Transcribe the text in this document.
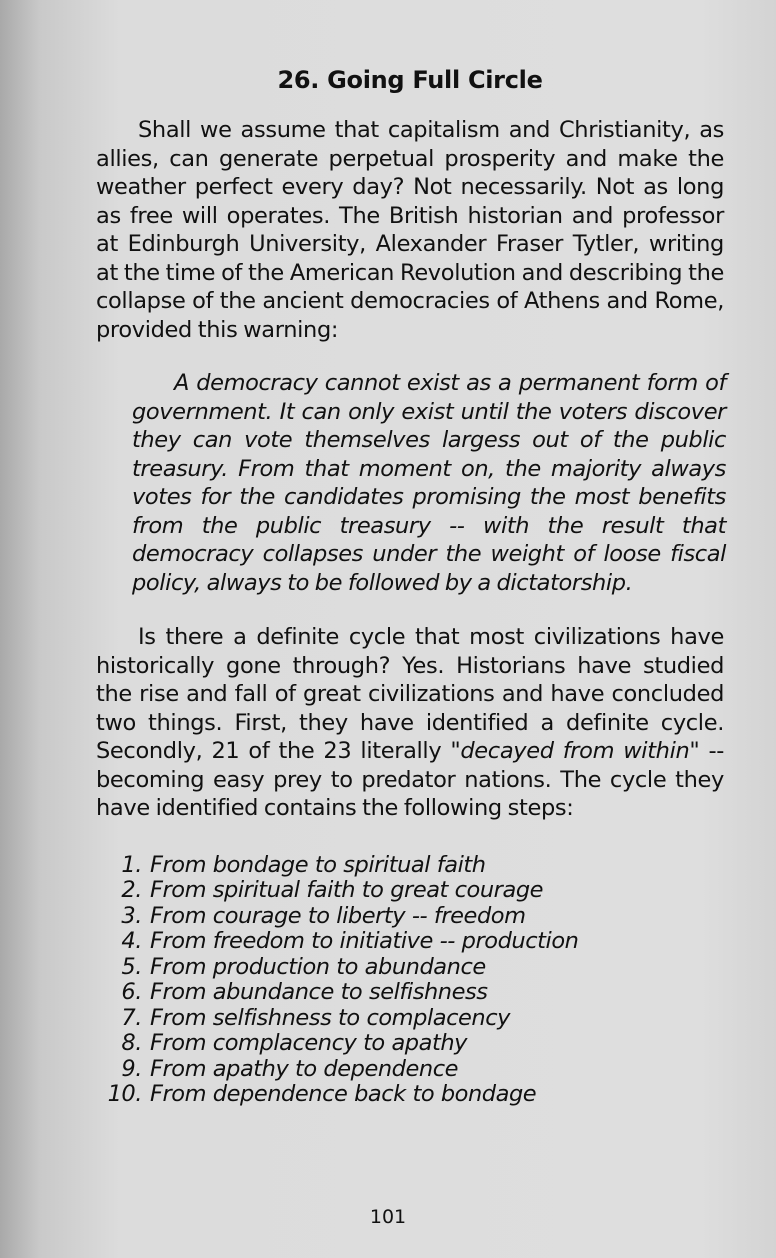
26. Going Full Circle

Shall we assume that capitalism and Christianity, as allies, can generate perpetual prosperity and make the weather perfect every day? Not necessarily. Not as long as free will operates. The British historian and professor at Edinburgh University, Alexander Fraser Tytler, writing at the time of the American Revolution and describing the collapse of the ancient democracies of Athens and Rome, provided this warning:

A democracy cannot exist as a permanent form of government. It can only exist until the voters discover they can vote themselves largess out of the public treasury. From that moment on, the majority always votes for the candidates promising the most benefits from the public treasury -- with the result that democracy collapses under the weight of loose fiscal policy, always to be followed by a dictatorship.

Is there a definite cycle that most civilizations have historically gone through? Yes. Historians have studied the rise and fall of great civilizations and have concluded two things. First, they have identified a definite cycle. Secondly, 21 of the 23 literally "decayed from within" -- becoming easy prey to predator nations. The cycle they have identified contains the following steps:

1. From bondage to spiritual faith
2. From spiritual faith to great courage
3. From courage to liberty -- freedom
4. From freedom to initiative -- production
5. From production to abundance
6. From abundance to selfishness
7. From selfishness to complacency
8. From complacency to apathy
9. From apathy to dependence
10. From dependence back to bondage
101
